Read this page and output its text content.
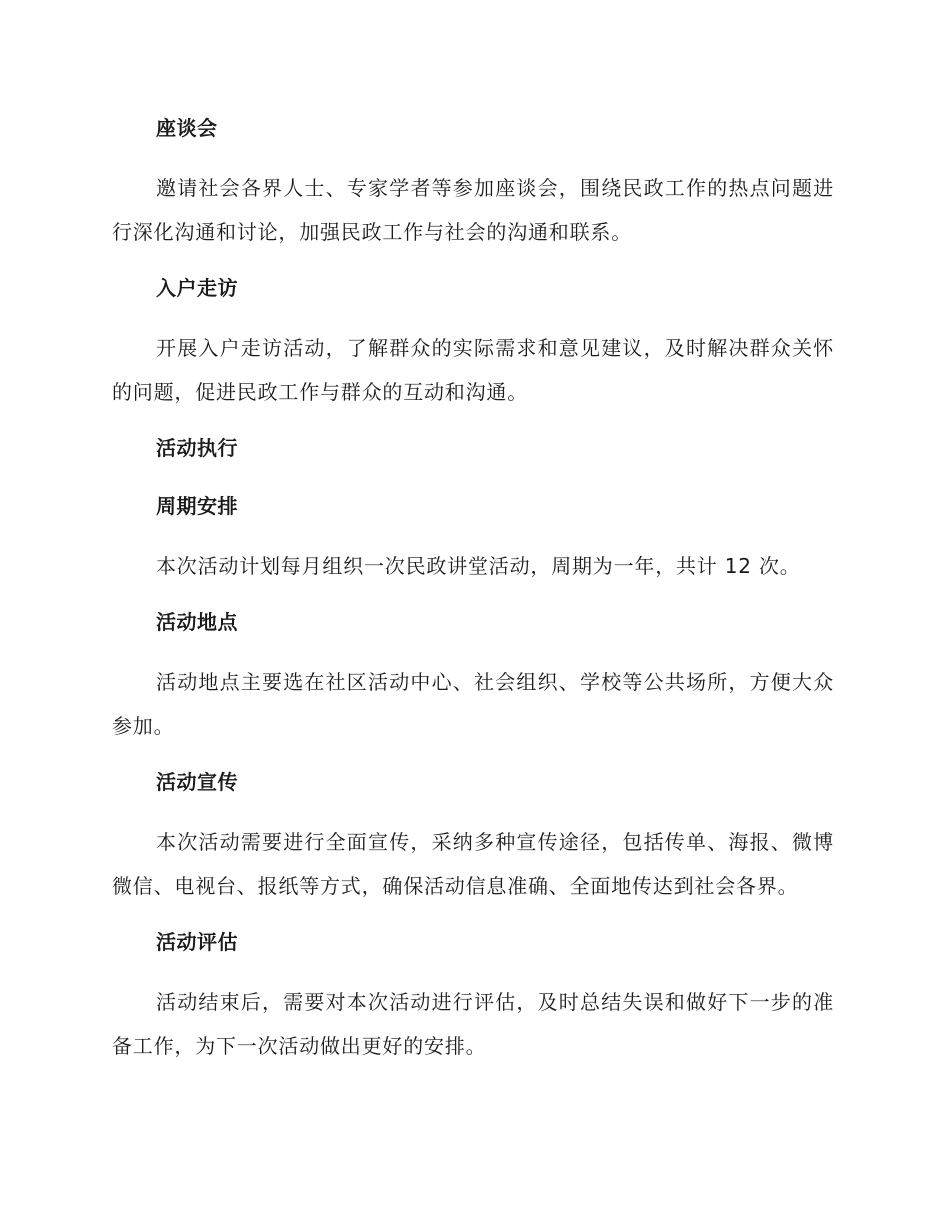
座谈会
邀请社会各界人士、专家学者等参加座谈会，围绕民政工作的热点问题进行深化沟通和讨论，加强民政工作与社会的沟通和联系。
入户走访
开展入户走访活动，了解群众的实际需求和意见建议，及时解决群众关怀的问题，促进民政工作与群众的互动和沟通。
活动执行
周期安排
本次活动计划每月组织一次民政讲堂活动，周期为一年，共计 12 次。
活动地点
活动地点主要选在社区活动中心、社会组织、学校等公共场所，方便大众参加。
活动宣传
本次活动需要进行全面宣传，采纳多种宣传途径，包括传单、海报、微博微信、电视台、报纸等方式，确保活动信息准确、全面地传达到社会各界。
活动评估
活动结束后，需要对本次活动进行评估，及时总结失误和做好下一步的准备工作，为下一次活动做出更好的安排。
